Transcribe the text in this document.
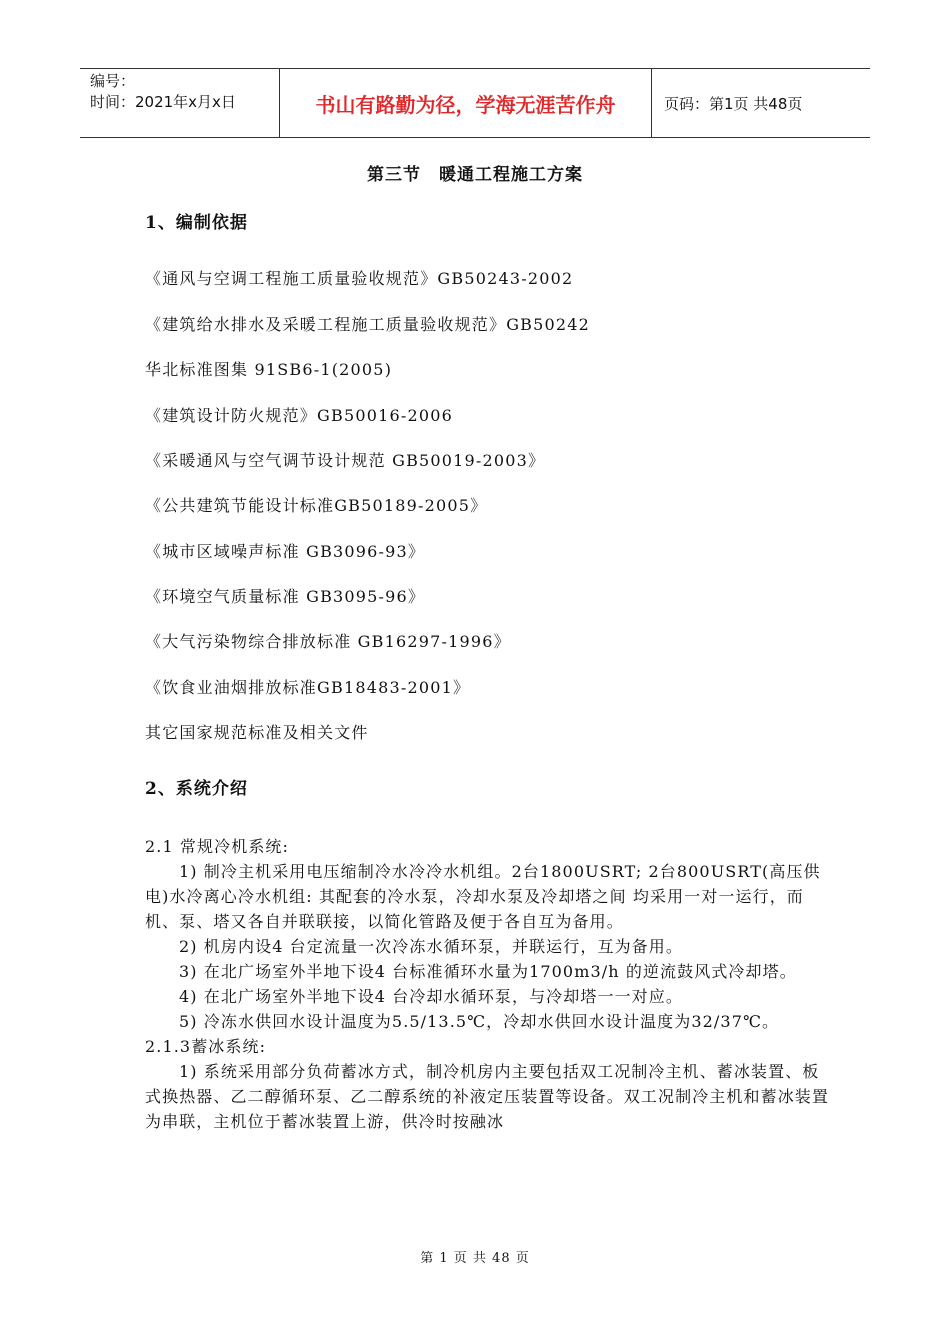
编号：
时间：2021年x月x日	书山有路勤为径，学海无涯苦作舟	页码：第1页 共48页
第三节　暖通工程施工方案
1、编制依据
《通风与空调工程施工质量验收规范》GB50243-2002
《建筑给水排水及采暖工程施工质量验收规范》GB50242
华北标准图集 91SB6-1(2005)
《建筑设计防火规范》GB50016-2006
《采暖通风与空气调节设计规范 GB50019-2003》
《公共建筑节能设计标准GB50189-2005》
《城市区域噪声标准 GB3096-93》
《环境空气质量标准 GB3095-96》
《大气污染物综合排放标准 GB16297-1996》
《饮食业油烟排放标准GB18483-2001》
其它国家规范标准及相关文件
2、系统介绍

2.1 常规冷机系统:

1) 制冷主机采用电压缩制冷水冷冷水机组。2台1800USRT; 2台800USRT(高压供电)水冷离心冷水机组: 其配套的冷水泵，冷却水泵及冷却塔之间 均采用一对一运行，而机、泵、塔又各自并联联接，以简化管路及便于各自互为备用。

2) 机房内设4 台定流量一次冷冻水循环泵，并联运行，互为备用。

3) 在北广场室外半地下设4 台标准循环水量为1700m3/h 的逆流鼓风式冷却塔。

4) 在北广场室外半地下设4 台冷却水循环泵，与冷却塔一一对应。

5) 冷冻水供回水设计温度为5.5/13.5℃，冷却水供回水设计温度为32/37℃。

2.1.3蓄冰系统:

1) 系统采用部分负荷蓄冰方式，制冷机房内主要包括双工况制冷主机、蓄冰装置、板式换热器、乙二醇循环泵、乙二醇系统的补液定压装置等设备。双工况制冷主机和蓄冰装置为串联，主机位于蓄冰装置上游，供冷时按融冰

第 1 页 共 48 页
